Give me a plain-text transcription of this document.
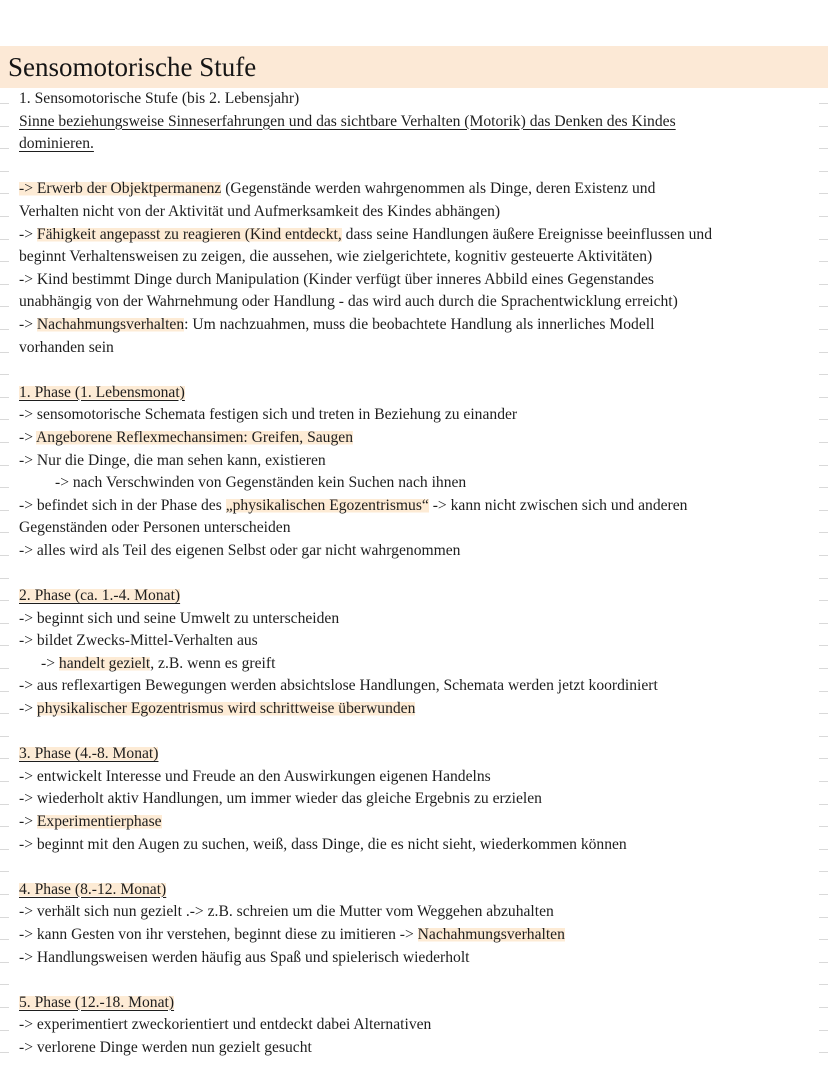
Sensomotorische Stufe
1. Sensomotorische Stufe (bis 2. Lebensjahr)
Sinne beziehungsweise Sinneserfahrungen und das sichtbare Verhalten (Motorik) das Denken des Kindes
dominieren.
-> Erwerb der Objektpermanenz (Gegenstände werden wahrgenommen als Dinge, deren Existenz und
Verhalten nicht von der Aktivität und Aufmerksamkeit des Kindes abhängen)
-> Fähigkeit angepasst zu reagieren (Kind entdeckt, dass seine Handlungen äußere Ereignisse beeinflussen und
beginnt Verhaltensweisen zu zeigen, die aussehen, wie zielgerichtete, kognitiv gesteuerte Aktivitäten)
-> Kind bestimmt Dinge durch Manipulation (Kinder verfügt über inneres Abbild eines Gegenstandes
unabhängig von der Wahrnehmung oder Handlung - das wird auch durch die Sprachentwicklung erreicht)
-> Nachahmungsverhalten: Um nachzuahmen, muss die beobachtete Handlung als innerliches Modell
vorhanden sein
1. Phase (1. Lebensmonat)
-> sensomotorische Schemata festigen sich und treten in Beziehung zu einander
-> Angeborene Reflexmechansimen: Greifen, Saugen
-> Nur die Dinge, die man sehen kann, existieren
-> nach Verschwinden von Gegenständen kein Suchen nach ihnen
-> befindet sich in der Phase des „physikalischen Egozentrismus“ -> kann nicht zwischen sich und anderen
Gegenständen oder Personen unterscheiden
-> alles wird als Teil des eigenen Selbst oder gar nicht wahrgenommen
2. Phase (ca. 1.-4. Monat)
-> beginnt sich und seine Umwelt zu unterscheiden
-> bildet Zwecks-Mittel-Verhalten aus
-> handelt gezielt, z.B. wenn es greift
-> aus reflexartigen Bewegungen werden absichtslose Handlungen, Schemata werden jetzt koordiniert
-> physikalischer Egozentrismus wird schrittweise überwunden
3. Phase (4.-8. Monat)
-> entwickelt Interesse und Freude an den Auswirkungen eigenen Handelns
-> wiederholt aktiv Handlungen, um immer wieder das gleiche Ergebnis zu erzielen
-> Experimentierphase
-> beginnt mit den Augen zu suchen, weiß, dass Dinge, die es nicht sieht, wiederkommen können
4. Phase (8.-12. Monat)
-> verhält sich nun gezielt .-> z.B. schreien um die Mutter vom Weggehen abzuhalten
-> kann Gesten von ihr verstehen, beginnt diese zu imitieren -> Nachahmungsverhalten
-> Handlungsweisen werden häufig aus Spaß und spielerisch wiederholt
5. Phase (12.-18. Monat)
-> experimentiert zweckorientiert und entdeckt dabei Alternativen
-> verlorene Dinge werden nun gezielt gesucht
